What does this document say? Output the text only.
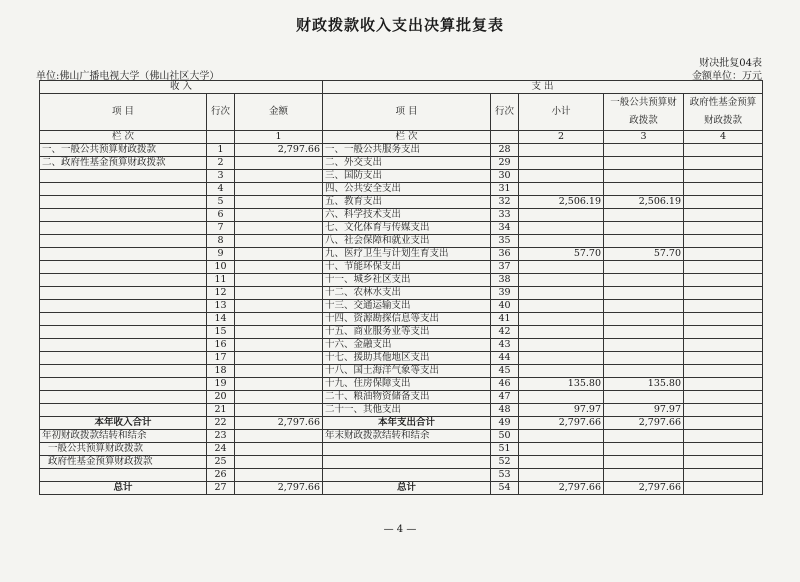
财政拨款收入支出决算批复表
财决批复04表
单位:佛山广播电视大学（佛山社区大学）	金额单位：万元
收 入			支 出				
项 目	行次	金额	项 目	行次	小计	一般公共预算财政拨款	政府性基金预算财政拨款
栏 次		1	栏 次		2	3	4
一、一般公共预算财政拨款	1	2,797.66	一、一般公共服务支出	28			
二、政府性基金预算财政拨款	2		二、外交支出	29			
	3		三、国防支出	30			
	4		四、公共安全支出	31			
	5		五、教育支出	32	2,506.19	2,506.19	
	6		六、科学技术支出	33			
	7		七、文化体育与传媒支出	34			
	8		八、社会保障和就业支出	35			
	9		九、医疗卫生与计划生育支出	36	57.70	57.70	
	10		十、节能环保支出	37			
	11		十一、城乡社区支出	38			
	12		十二、农林水支出	39			
	13		十三、交通运输支出	40			
	14		十四、资源勘探信息等支出	41			
	15		十五、商业服务业等支出	42			
	16		十六、金融支出	43			
	17		十七、援助其他地区支出	44			
	18		十八、国土海洋气象等支出	45			
	19		十九、住房保障支出	46	135.80	135.80	
	20		二十、粮油物资储备支出	47			
	21		二十一、其他支出	48	97.97	97.97	
本年收入合计	22	2,797.66	本年支出合计	49	2,797.66	2,797.66	
年初财政拨款结转和结余	23		年末财政拨款结转和结余	50			
一般公共预算财政拨款	24			51			
政府性基金预算财政拨款	25			52			
	26			53			
总计	27	2,797.66	总计	54	2,797.66	2,797.66	
— 4 —
